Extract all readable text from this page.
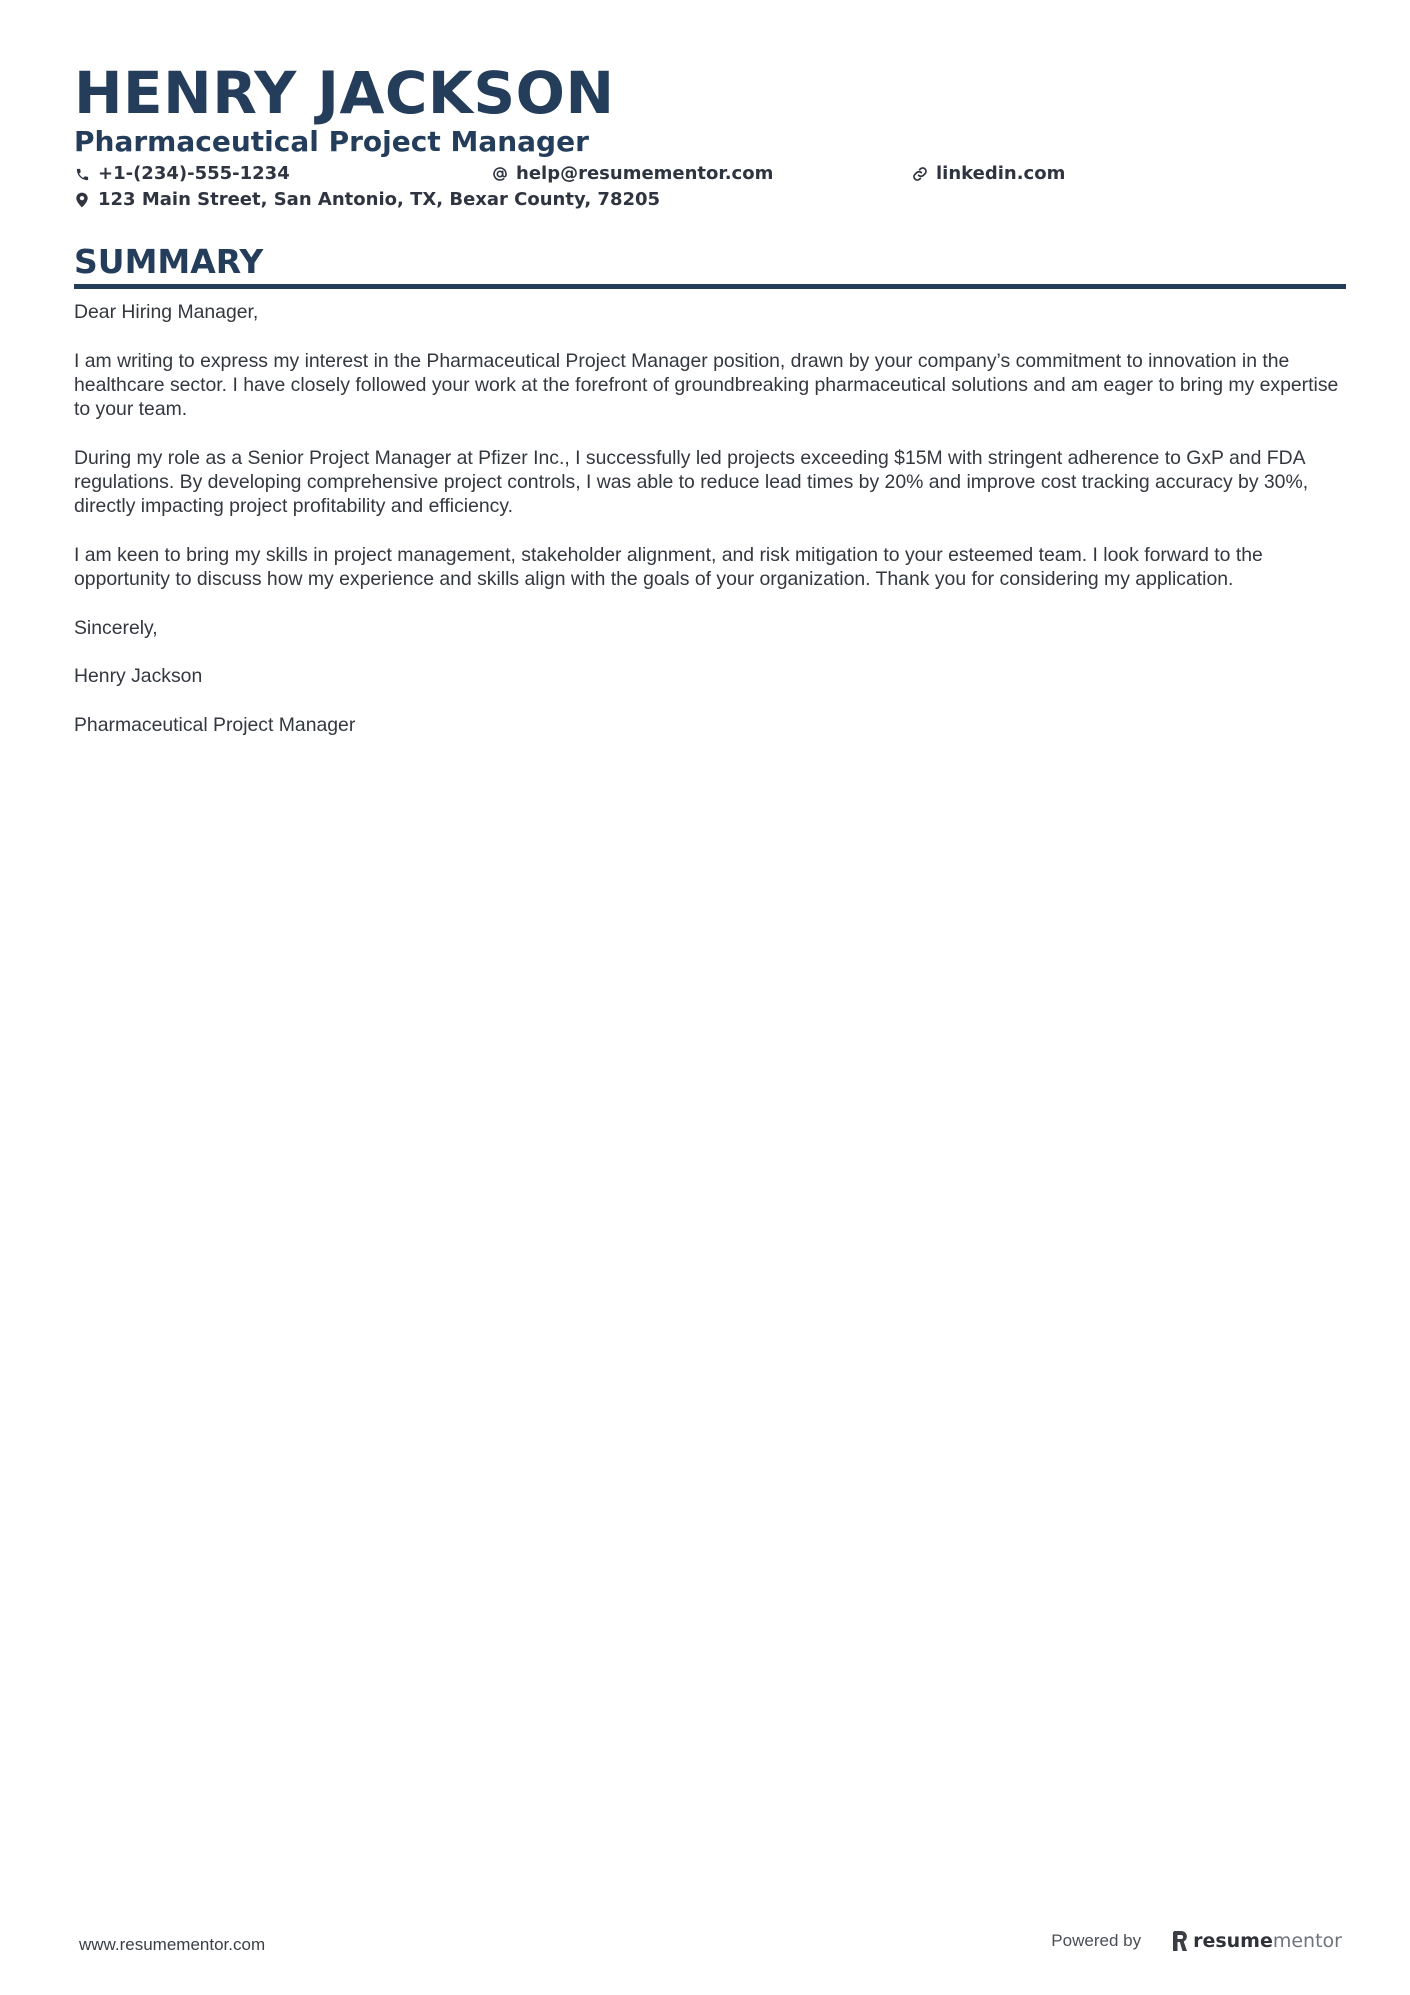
HENRY JACKSON
Pharmaceutical Project Manager
+1-(234)-555-1234	help@resumementor.com	linkedin.com
123 Main Street, San Antonio, TX, Bexar County, 78205
SUMMARY

Dear Hiring Manager,

I am writing to express my interest in the Pharmaceutical Project Manager position, drawn by your company’s commitment to innovation in the healthcare sector. I have closely followed your work at the forefront of groundbreaking pharmaceutical solutions and am eager to bring my expertise to your team.

During my role as a Senior Project Manager at Pfizer Inc., I successfully led projects exceeding $15M with stringent adherence to GxP and FDA regulations. By developing comprehensive project controls, I was able to reduce lead times by 20% and improve cost tracking accuracy by 30%, directly impacting project profitability and efficiency.

I am keen to bring my skills in project management, stakeholder alignment, and risk mitigation to your esteemed team. I look forward to the opportunity to discuss how my experience and skills align with the goals of your organization. Thank you for considering my application.

Sincerely,

Henry Jackson

Pharmaceutical Project Manager

www.resumementor.com	Powered by	resume mentor
